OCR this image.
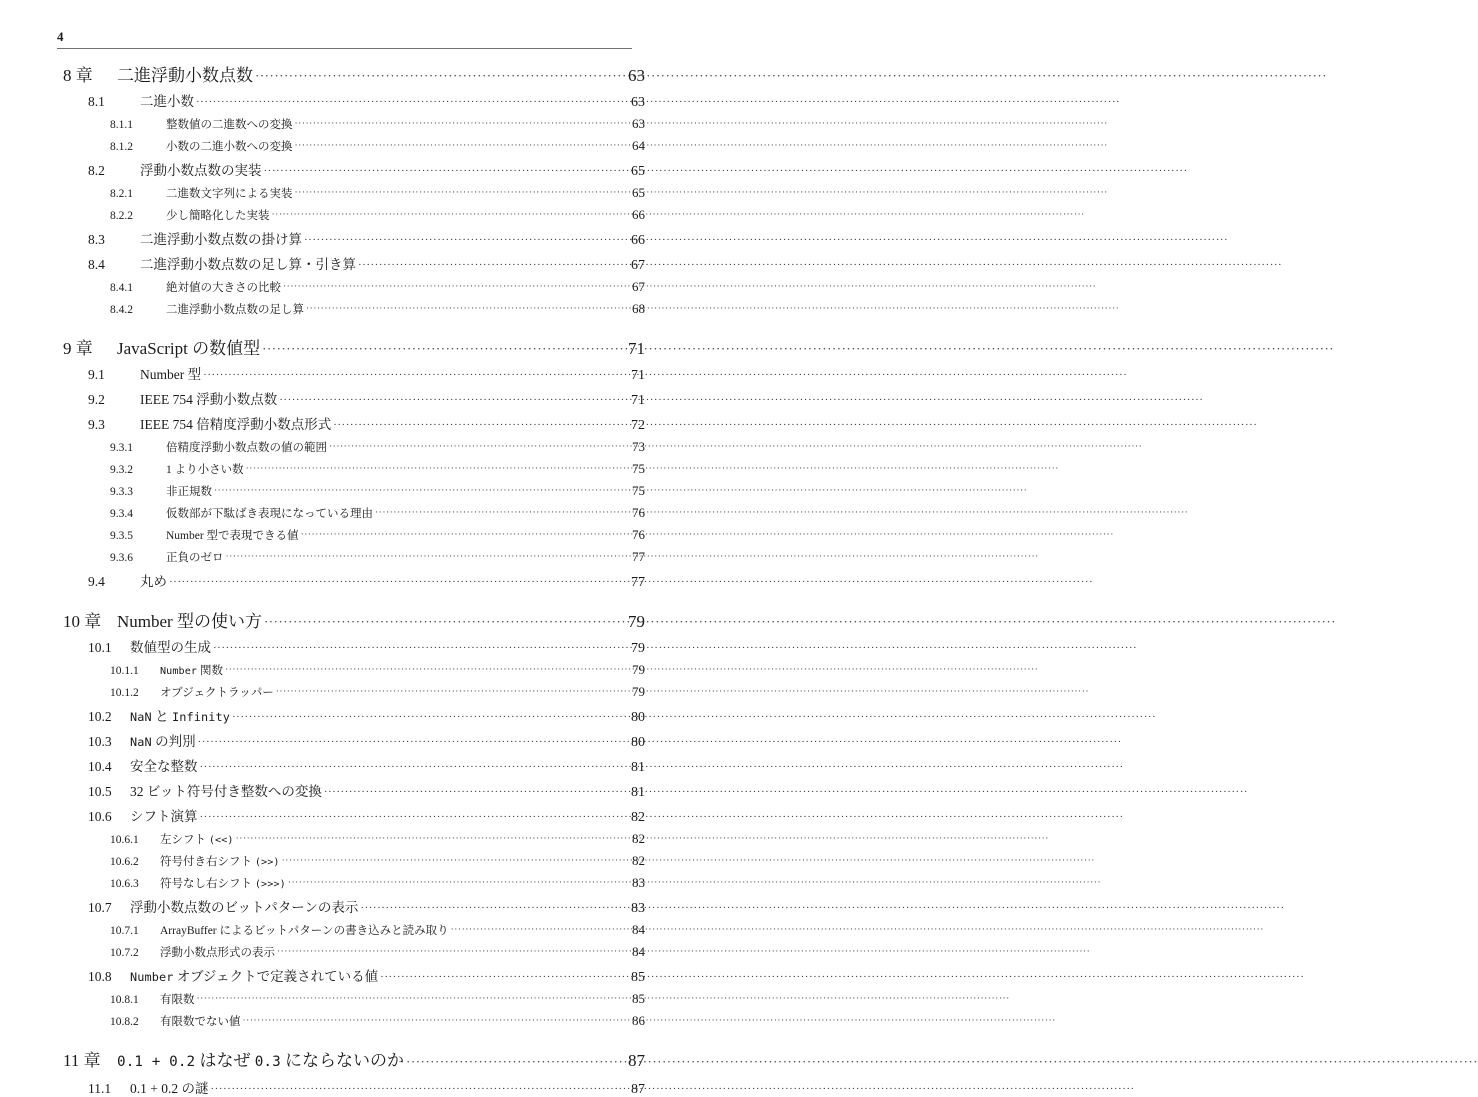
4
8 章	二進浮動小数点数 ·····	63
8.1	二進小数 ·····	63
8.1.1	整数値の二進数への変換 ·····	63
8.1.2	小数の二進小数への変換 ·····	64
8.2	浮動小数点数の実装 ·····	65
8.2.1	二進数文字列による実装 ·····	65
8.2.2	少し簡略化した実装 ·····	66
8.3	二進浮動小数点数の掛け算 ·····	66
8.4	二進浮動小数点数の足し算・引き算 ·····	67
8.4.1	絶対値の大きさの比較 ·····	67
8.4.2	二進浮動小数点数の足し算 ·····	68
9 章	JavaScript の数値型 ·····	71
9.1	Number 型 ·····	71
9.2	IEEE 754 浮動小数点数 ·····	71
9.3	IEEE 754 倍精度浮動小数点形式 ·····	72
9.3.1	倍精度浮動小数点数の値の範囲 ·····	73
9.3.2	1 より小さい数 ·····	75
9.3.3	非正規数 ·····	75
9.3.4	仮数部が下駄ばき表現になっている理由 ·····	76
9.3.5	Number 型で表現できる値 ·····	76
9.3.6	正負のゼロ ·····	77
9.4	丸め ·····	77
10 章 Number 型の使い方 ·····	79
10.1	数値型の生成 ·····	79
10.1.1	Number 関数 ·····	79
10.1.2	オブジェクトラッパー ·····	79
10.2	NaN と Infinity ·····	80
10.3	NaN の判別 ·····	80
10.4	安全な整数 ·····	81
10.5	32 ビット符号付き整数への変換 ·····	81
10.6	シフト演算 ·····	82
10.6.1	左シフト (<<) ·····	82
10.6.2	符号付き右シフト (>>) ·····	82
10.6.3	符号なし右シフト (>>>) ·····	83
10.7	浮動小数点数のビットパターンの表示 ·····	83
10.7.1	ArrayBuffer によるビットパターンの書き込みと読み取り ·····	84
10.7.2	浮動小数点形式の表示 ·····	84
10.8	Number オブジェクトで定義されている値 ·····	85
10.8.1	有限数 ·····	85
10.8.2	有限数でない値 ·····	86
11 章	0.1 + 0.2 はなぜ 0.3 にならないのか ·····	87
11.1	0.1 + 0.2 の謎 ·····	87
